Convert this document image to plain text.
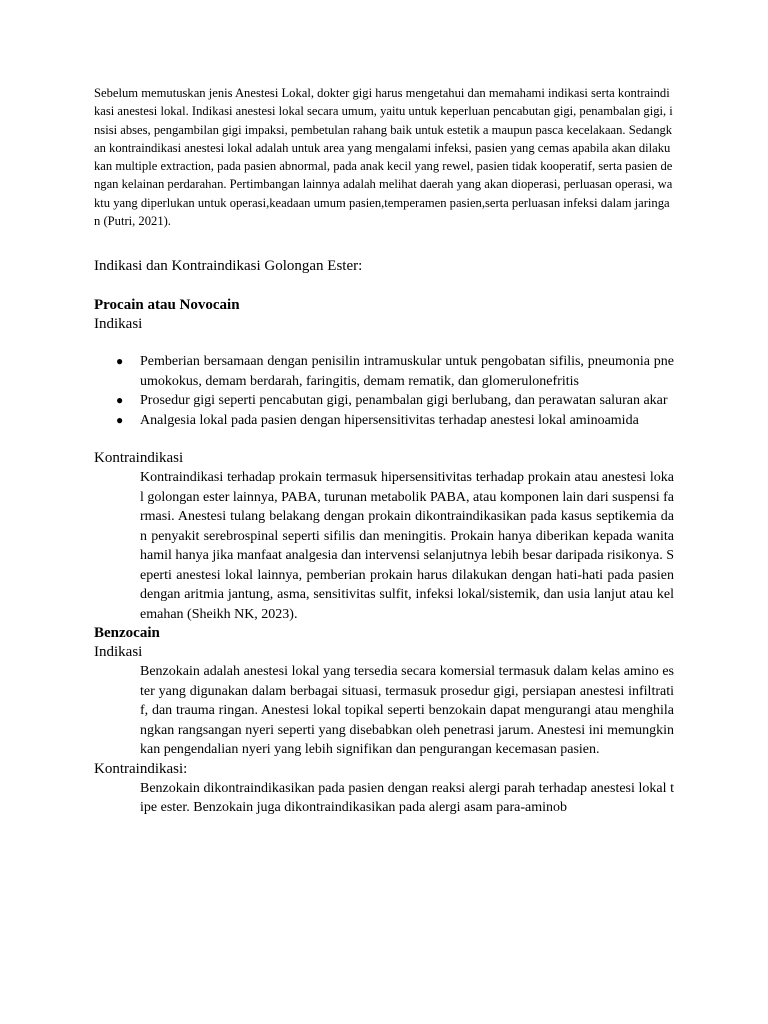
Sebelum memutuskan jenis Anestesi Lokal, dokter gigi harus mengetahui dan memahami indikasi serta kontraindikasi anestesi lokal. Indikasi anestesi lokal secara umum, yaitu untuk keperluan pencabutan gigi, penambalan gigi, insisi abses, pengambilan gigi impaksi, pembetulan rahang baik untuk estetik a maupun pasca kecelakaan. Sedangkan kontraindikasi anestesi lokal adalah untuk area yang mengalami infeksi, pasien yang cemas apabila akan dilakukan multiple extraction, pada pasien abnormal, pada anak kecil yang rewel, pasien tidak kooperatif, serta pasien dengan kelainan perdarahan. Pertimbangan lainnya adalah melihat daerah yang akan dioperasi, perluasan operasi, waktu yang diperlukan untuk operasi,keadaan umum pasien,temperamen pasien,serta perluasan infeksi dalam jaringan (Putri, 2021).

Indikasi dan Kontraindikasi Golongan Ester:

Procain atau Novocain

Indikasi

● Pemberian bersamaan dengan penisilin intramuskular untuk pengobatan sifilis, pneumonia pneumokokus, demam berdarah, faringitis, demam rematik, dan glomerulonefritis
● Prosedur gigi seperti pencabutan gigi, penambalan gigi berlubang, dan perawatan saluran akar
● Analgesia lokal pada pasien dengan hipersensitivitas terhadap anestesi lokal aminoamida

Kontraindikasi

Kontraindikasi terhadap prokain termasuk hipersensitivitas terhadap prokain atau anestesi lokal golongan ester lainnya, PABA, turunan metabolik PABA, atau komponen lain dari suspensi farmasi. Anestesi tulang belakang dengan prokain dikontraindikasikan pada kasus septikemia dan penyakit serebrospinal seperti sifilis dan meningitis. Prokain hanya diberikan kepada wanita hamil hanya jika manfaat analgesia dan intervensi selanjutnya lebih besar daripada risikonya. Seperti anestesi lokal lainnya, pemberian prokain harus dilakukan dengan hati-hati pada pasien dengan aritmia jantung, asma, sensitivitas sulfit, infeksi lokal/sistemik, dan usia lanjut atau kelemahan (Sheikh NK, 2023).

Benzocain

Indikasi

Benzokain adalah anestesi lokal yang tersedia secara komersial termasuk dalam kelas amino ester yang digunakan dalam berbagai situasi, termasuk prosedur gigi, persiapan anestesi infiltratif, dan trauma ringan. Anestesi lokal topikal seperti benzokain dapat mengurangi atau menghilangkan rangsangan nyeri seperti yang disebabkan oleh penetrasi jarum. Anestesi ini memungkinkan pengendalian nyeri yang lebih signifikan dan pengurangan kecemasan pasien.

Kontraindikasi:

Benzokain dikontraindikasikan pada pasien dengan reaksi alergi parah terhadap anestesi lokal tipe ester. Benzokain juga dikontraindikasikan pada alergi asam para-aminob
